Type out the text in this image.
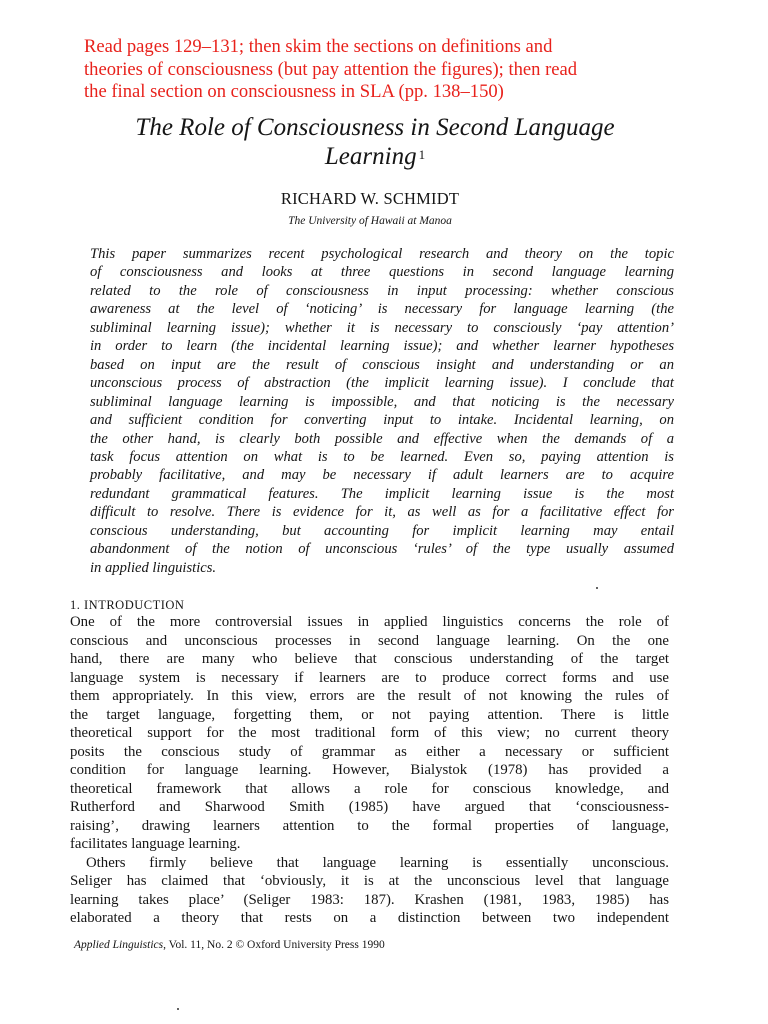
Read pages 129–131; then skim the sections on definitions and
theories of consciousness (but pay attention the figures); then read
the final section on consciousness in SLA (pp. 138–150)
The Role of Consciousness in Second Language
Learning $^1$
RICHARD W. SCHMIDT
The University of Hawaii at Manoa
This paper summarizes recent psychological research and theory on the topic
of consciousness and looks at three questions in second language learning
related to the role of consciousness in input processing: whether conscious
awareness at the level of ‘noticing’ is necessary for language learning (the
subliminal learning issue); whether it is necessary to consciously ‘pay attention’
in order to learn (the incidental learning issue); and whether learner hypotheses
based on input are the result of conscious insight and understanding or an
unconscious process of abstraction (the implicit learning issue). I conclude that
subliminal language learning is impossible, and that noticing is the necessary
and sufficient condition for converting input to intake. Incidental learning, on
the other hand, is clearly both possible and effective when the demands of a
task focus attention on what is to be learned. Even so, paying attention is
probably facilitative, and may be necessary if adult learners are to acquire
redundant grammatical features. The implicit learning issue is the most
difficult to resolve. There is evidence for it, as well as for a facilitative effect for
conscious understanding, but accounting for implicit learning may entail
abandonment of the notion of unconscious ‘rules’ of the type usually assumed
in applied linguistics.
1. INTRODUCTION
One of the more controversial issues in applied linguistics concerns the role of
conscious and unconscious processes in second language learning. On the one
hand, there are many who believe that conscious understanding of the target
language system is necessary if learners are to produce correct forms and use
them appropriately. In this view, errors are the result of not knowing the rules of
the target language, forgetting them, or not paying attention. There is little
theoretical support for the most traditional form of this view; no current theory
posits the conscious study of grammar as either a necessary or sufficient
condition for language learning. However, Bialystok (1978) has provided a
theoretical framework that allows a role for conscious knowledge, and
Rutherford and Sharwood Smith (1985) have argued that ‘consciousness-
raising’, drawing learners attention to the formal properties of language,
facilitates language learning.
Others firmly believe that language learning is essentially unconscious.
Seliger has claimed that ‘obviously, it is at the unconscious level that language
learning takes place’ (Seliger 1983: 187). Krashen (1981, 1983, 1985) has
elaborated a theory that rests on a distinction between two independent
Applied Linguistics, Vol. 11, No. 2 © Oxford University Press 1990
